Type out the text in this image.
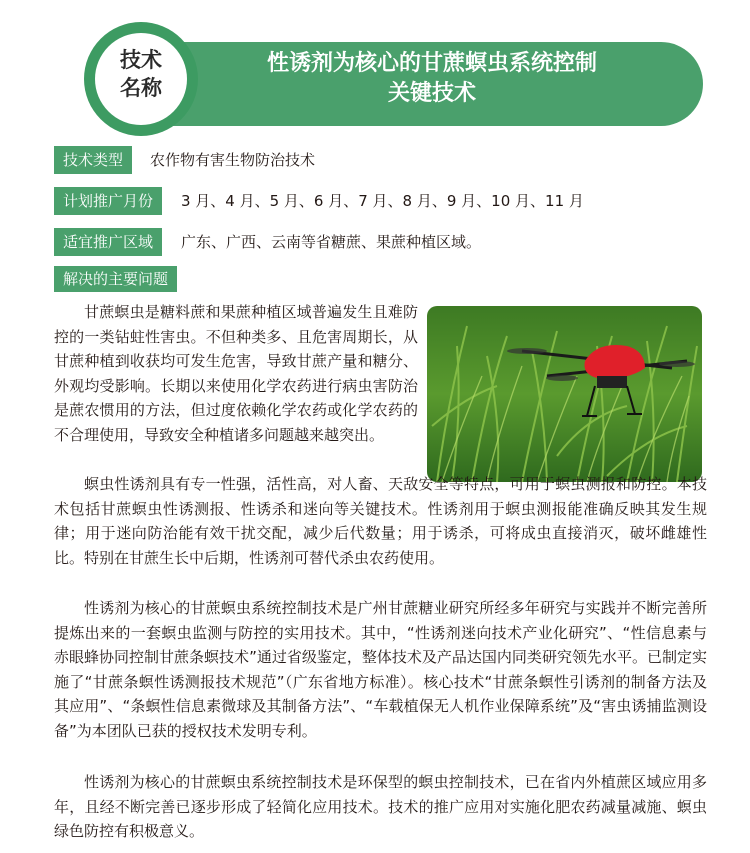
技术
名称
性诱剂为核心的甘蔗螟虫系统控制
关键技术
技术类型	农作物有害生物防治技术
计划推广月份	3 月、4 月、5 月、6 月、7 月、8 月、9 月、10 月、11 月
适宜推广区域	广东、广西、云南等省糖蔗、果蔗种植区域。
解决的主要问题
甘蔗螟虫是糖料蔗和果蔗种植区域普遍发生且难防控的一类钻蛀性害虫。不但种类多、且危害周期长，从甘蔗种植到收获均可发生危害，导致甘蔗产量和糖分、外观均受影响。长期以来使用化学农药进行病虫害防治是蔗农惯用的方法，但过度依赖化学农药或化学农药的不合理使用，导致安全种植诸多问题越来越突出。
螟虫性诱剂具有专一性强，活性高，对人畜、天敌安全等特点，可用于螟虫测报和防控。本技术包括甘蔗螟虫性诱测报、性诱杀和迷向等关键技术。性诱剂用于螟虫测报能准确反映其发生规律；用于迷向防治能有效干扰交配，减少后代数量；用于诱杀，可将成虫直接消灭，破坏雌雄性比。特别在甘蔗生长中后期，性诱剂可替代杀虫农药使用。
性诱剂为核心的甘蔗螟虫系统控制技术是广州甘蔗糖业研究所经多年研究与实践并不断完善所提炼出来的一套螟虫监测与防控的实用技术。其中，“性诱剂迷向技术产业化研究”、“性信息素与赤眼蜂协同控制甘蔗条螟技术”通过省级鉴定，整体技术及产品达国内同类研究领先水平。已制定实施了“甘蔗条螟性诱测报技术规范”（广东省地方标准）。核心技术“甘蔗条螟性引诱剂的制备方法及其应用”、“条螟性信息素微球及其制备方法”、“车载植保无人机作业保障系统”及“害虫诱捕监测设备”为本团队已获的授权技术发明专利。
性诱剂为核心的甘蔗螟虫系统控制技术是环保型的螟虫控制技术，已在省内外植蔗区域应用多年，且经不断完善已逐步形成了轻简化应用技术。技术的推广应用对实施化肥农药减量减施、螟虫绿色防控有积极意义。
